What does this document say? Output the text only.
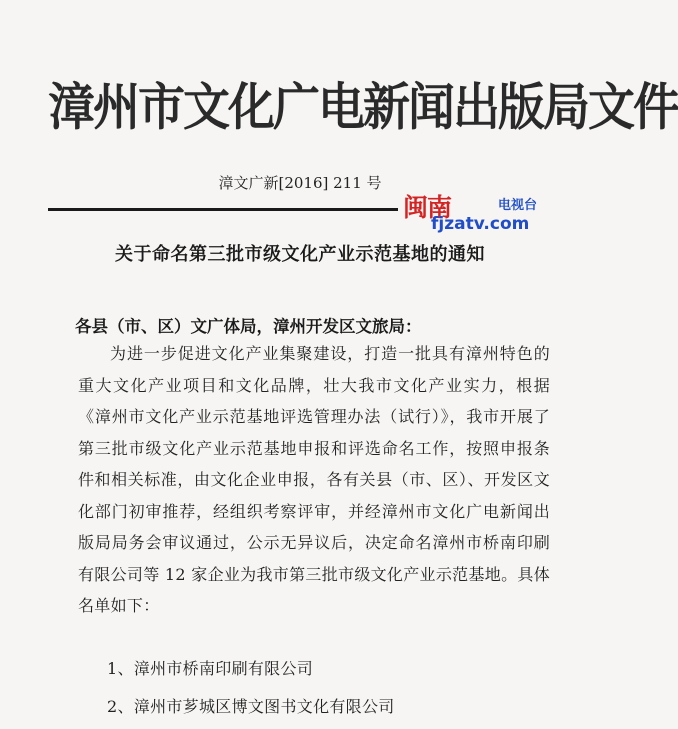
漳州市文化广电新闻出版局文件
漳文广新[2016] 211 号
闽南	电视台
fjzatv.com
关于命名第三批市级文化产业示范基地的通知
各县（市、区）文广体局，漳州开发区文旅局：

为进一步促进文化产业集聚建设，打造一批具有漳州特色的重大文化产业项目和文化品牌，壮大我市文化产业实力，根据《漳州市文化产业示范基地评选管理办法（试行）》，我市开展了第三批市级文化产业示范基地申报和评选命名工作，按照申报条件和相关标准，由文化企业申报，各有关县（市、区）、开发区文化部门初审推荐，经组织考察评审，并经漳州市文化广电新闻出版局局务会审议通过，公示无异议后，决定命名漳州市桥南印刷有限公司等 12 家企业为我市第三批市级文化产业示范基地。具体名单如下：

1、漳州市桥南印刷有限公司
2、漳州市芗城区博文图书文化有限公司
